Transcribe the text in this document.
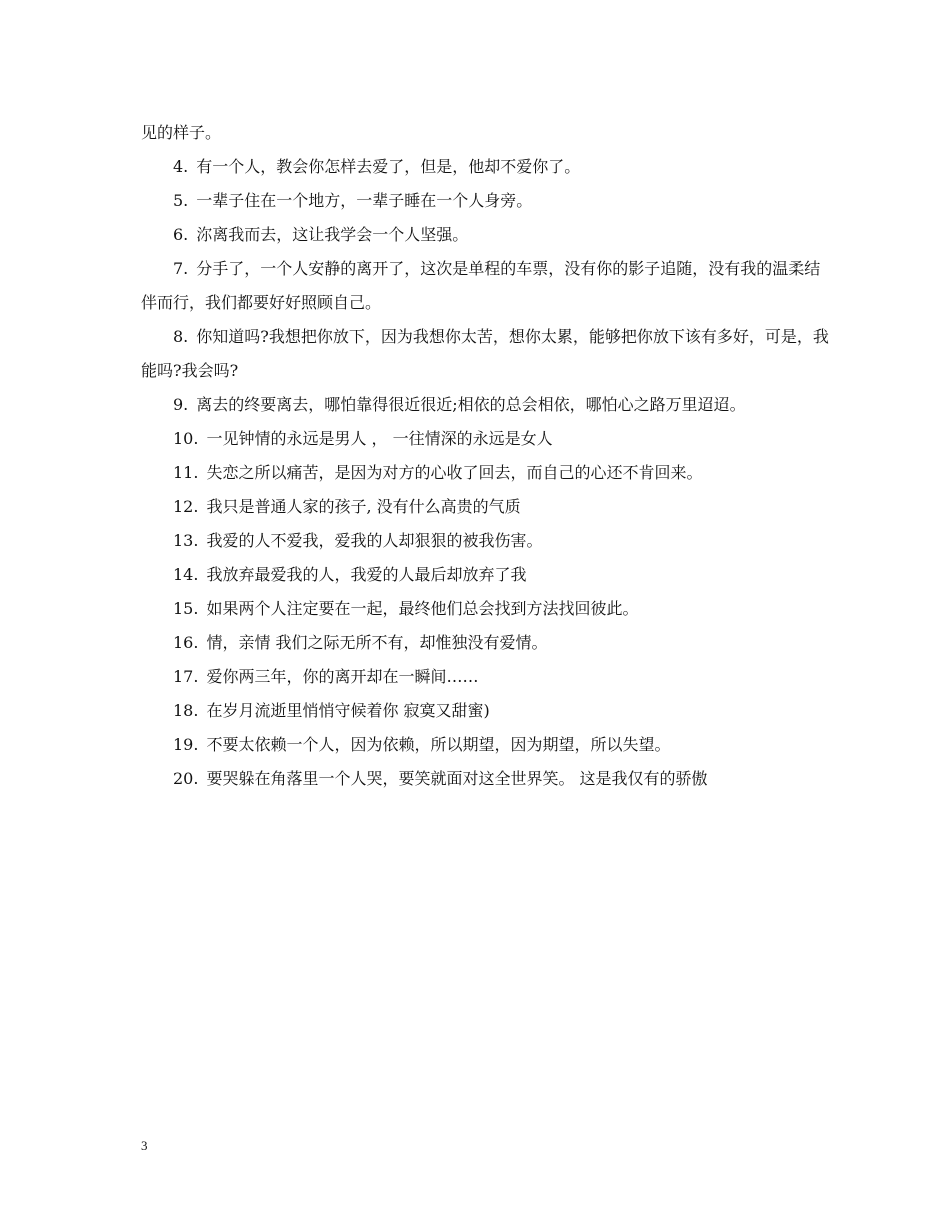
见的样子。

4. 有一个人，教会你怎样去爱了，但是，他却不爱你了。

5. 一辈子住在一个地方，一辈子睡在一个人身旁。

6. 沵离我而去，这让我学会一个人坚强。

7. 分手了，一个人安静的离开了，这次是单程的车票，没有你的影子追随，没有我的温柔结伴而行，我们都要好好照顾自己。

8. 你知道吗?我想把你放下，因为我想你太苦，想你太累，能够把你放下该有多好，可是，我能吗?我会吗?

9. 离去的终要离去，哪怕靠得很近很近;相依的总会相依，哪怕心之路万里迢迢。

10. 一见钟情的永远是男人 ， 一往情深的永远是女人

11. 失恋之所以痛苦，是因为对方的心收了回去，而自己的心还不肯回来。

12. 我只是普通人家的孩子, 没有什么高贵的气质

13. 我爱的人不爱我，爱我的人却狠狠的被我伤害。

14. 我放弃最爱我的人，我爱的人最后却放弃了我

15. 如果两个人注定要在一起，最终他们总会找到方法找回彼此。

16. 情，亲情 我们之际无所不有，却惟独没有爱情。

17. 爱你两三年，你的离开却在一瞬间……

18. 在岁月流逝里悄悄守候着你 寂寞又甜蜜)

19. 不要太依赖一个人，因为依赖，所以期望，因为期望，所以失望。

20. 要哭躲在角落里一个人哭，要笑就面对这全世界笑。 这是我仅有的骄傲

3
